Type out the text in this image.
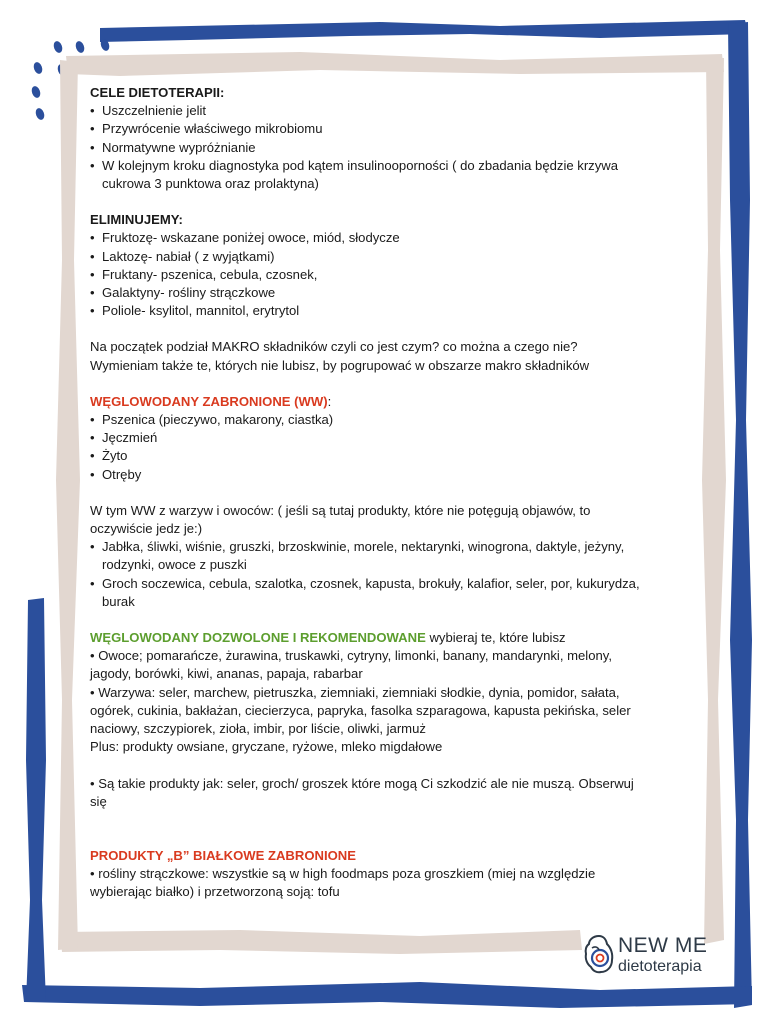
CELE DIETOTERAPII:

• Uszczelnienie jelit

• Przywrócenie właściwego mikrobiomu

• Normatywne wypróżnianie

• W kolejnym kroku diagnostyka pod kątem insulinooporności ( do zbadania będzie krzywa

cukrowa 3 punktowa oraz prolaktyna)

ELIMINUJEMY:

• Fruktozę- wskazane poniżej owoce, miód, słodycze

• Laktozę- nabiał ( z wyjątkami)

• Fruktany- pszenica, cebula, czosnek,

• Galaktyny- rośliny strączkowe

• Poliole- ksylitol, mannitol, erytrytol

Na początek podział MAKRO składników czyli co jest czym? co można a czego nie?

Wymieniam także te, których nie lubisz, by pogrupować w obszarze makro składników

WĘGLOWODANY ZABRONIONE (WW):

• Pszenica (pieczywo, makarony, ciastka)

• Jęczmień

• Żyto

• Otręby

W tym WW z warzyw i owoców: ( jeśli są tutaj produkty, które nie potęgują objawów, to

oczywiście jedz je:)

• Jabłka, śliwki, wiśnie, gruszki, brzoskwinie, morele, nektarynki, winogrona, daktyle, jeżyny,

rodzynki, owoce z puszki

• Groch soczewica, cebula, szalotka, czosnek, kapusta, brokuły, kalafior, seler, por, kukurydza,

burak

WĘGLOWODANY DOZWOLONE I REKOMENDOWANE wybieraj te, które lubisz

• Owoce; pomarańcze, żurawina, truskawki, cytryny, limonki, banany, mandarynki, melony,

jagody, borówki, kiwi, ananas, papaja, rabarbar

• Warzywa: seler, marchew, pietruszka, ziemniaki, ziemniaki słodkie, dynia, pomidor, sałata,

ogórek, cukinia, bakłażan, ciecierzyca, papryka, fasolka szparagowa, kapusta pekińska, seler

naciowy, szczypiorek, zioła, imbir, por liście, oliwki, jarmuż

Plus: produkty owsiane, gryczane, ryżowe, mleko migdałowe

• Są takie produkty jak: seler, groch/ groszek które mogą Ci szkodzić ale nie muszą. Obserwuj

się

PRODUKTY „B” BIAŁKOWE ZABRONIONE

• rośliny strączkowe: wszystkie są w high foodmaps poza groszkiem (miej na względzie

wybierając białko) i przetworzoną soją: tofu

NEW ME
dietoterapia
